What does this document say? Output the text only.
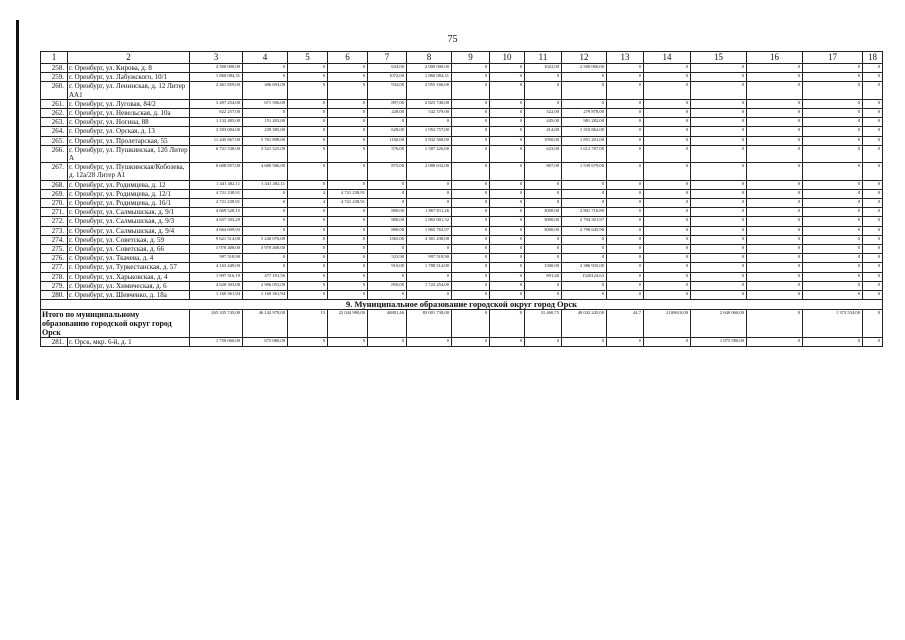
75
1	2	3	4	5	6	7	8	9	10	11	12	13	14	15	16	17	18
258.	г. Оренбург, ул. Кирова, д. 8	4 500 000,00	0	0	0	634,00	2 000 000,00	0	0	1022,00	2 500 000,00	0	0	0	0	0	0
259.	г. Оренбург, ул. Лабужского, 10/1	1 860 084,31	0	0	0	1072,00	1 860 084,31	0	0	0	0	0	0	0	0	0	0
260.	г. Оренбург, ул. Ленинская, д. 12 Литер АА1	2 461 859,00	406 693,00	0	0	932,00	2 055 166,00	0	0	0	0	0	0	0	0	0	0
261.	г. Оренбург, ул. Луговая, 84/2	3 497 254,00	671 506,00	0	0	897,00	2 825 748,00	0	0	0	0	0	0	0	0	0	0
262.	г. Оренбург, ул. Невельская, д. 10а	822 257,00	0	0	0	228,00	542 379,00	0	0	322,00	279 878,00	0	0	0	0	0	0
263.	г. Оренбург, ул. Ногина, 88	1 132 485,00	151 203,00	0	0	0	0	0	0	445,00	981 282,00	0	0	0	0	0	0
264.	г. Оренбург, ул. Орская, д. 13	3 503 004,00	239 385,00	0	0	629,00	1 952 757,00	0	0	414,00	1 310 862,00	0	0	0	0	0	0
265.	г. Оренбург, ул. Пролетарская, 55	11 445 667,00	5 761 898,00	0	0	1160,00	3 832 568,00	0	0	1950,00	1 851 201,00	0	0	0	0	0	0
266.	г. Оренбург, ул. Пушкинская, 12б Литер А	6 721 538,00	3 521 525,00	0	0	576,00	1 587 226,00	0	0	623,00	1 612 787,00	0	0	0	0	0	0
267.	г. Оренбург, ул. Пушкинская/Кобозева, д. 12а/28 Литер А1	8 608 857,00	4 680 586,00	0	0	875,00	2 088 632,00	0	0	807,00	1 539 679,00	0	0	0	0	0	0
268.	г. Оренбург, ул. Родимцева, д. 12	1 441 402,11	1 441 402,11	0	0	0	0	0	0	0	0	0	0	0	0	0	0
269.	г. Оренбург, ул. Родимцева, д. 12/1	4 721 238,91	0	4	4 721 238,91	0	0	0	0	0	0	0	0	0	0	0	0
270.	г. Оренбург, ул. Родимцева, д. 16/1	4 721 238,91	0	4	4 721 238,91	0	0	0	0	0	0	0	0	0	0	0	0
271.	г. Оренбург, ул. Салмышская, д. 9/1	4 669 528,15	0	0	0	800,00	1 867 811,26	0	0	3000,00	2 801 716,89	0	0	0	0	0	0
272.	г. Оренбург, ул. Салмышская, д. 9/3	4 657 503,29	0	0	0	800,00	1 863 001,32	0	0	3000,00	2 794 501,97	0	0	0	0	0	0
273.	г. Оренбург, ул. Салмышская, д. 9/4	4 664 609,93	0	0	0	800,00	1 865 763,97	0	0	3000,00	2 798 645,96	0	0	0	0	0	0
274.	г. Оренбург, ул. Советская, д. 59	9 621 514,00	5 240 076,00	0	0	1365,00	4 381 438,00	0	0	0	0	0	0	0	0	0	0
275.	г. Оренбург, ул. Советская, д. 66	3 970 408,00	3 970 408,00	0	0	0	0	0	0	0	0	0	0	0	0	0	0
276.	г. Оренбург, ул. Ткачева, д. 4	997 518,90	0	0	0	523,90	997 518,90	0	0	0	0	0	0	0	0	0	0
277.	г. Оренбург, ул. Туркестанская, д. 57	4 163 449,00	0	0	0	910,00	1 780 514,00	0	0	1300,00	2 386 935,00	0	0	0	0	0	0
278.	г. Оренбург, ул. Харьковская, д. 4	1 997 316,19	477 191,56	0	0	0	0	0	0	891,40	1520124,63	0	0	0	0	0	0
279.	г. Оренбург, ул. Химическая, д. 6	4 628 303,00	2 906 053,00	0	0	850,00	1 722 254,00	0	0	0	0	0	0	0	0	0	0
280.	г. Оренбург, ул. Шевченко, д. 18а	1 160 361,94	1 160 361,94	0	0	0	0	0	0	0	0	0	0	0	0	0	0
9. Муниципальное образование городской округ город Орск																	
Итого по муниципальному образованию городской округ город Орск		265 335 745,00	46 142 978,00	13	22 044 980,00	46881,46	83 001 730,00	0	0	31 460,75	48 032 245,00	44,7	2100610,00	2 640 060,00	0	1 373 534,00	0
281.	г. Орск, мкр. 6-й, д. 1	1 750 060,00	675 080,00	0	0	0	0	0	0	0	0	0	0	1 075 580,00	0	0	0
